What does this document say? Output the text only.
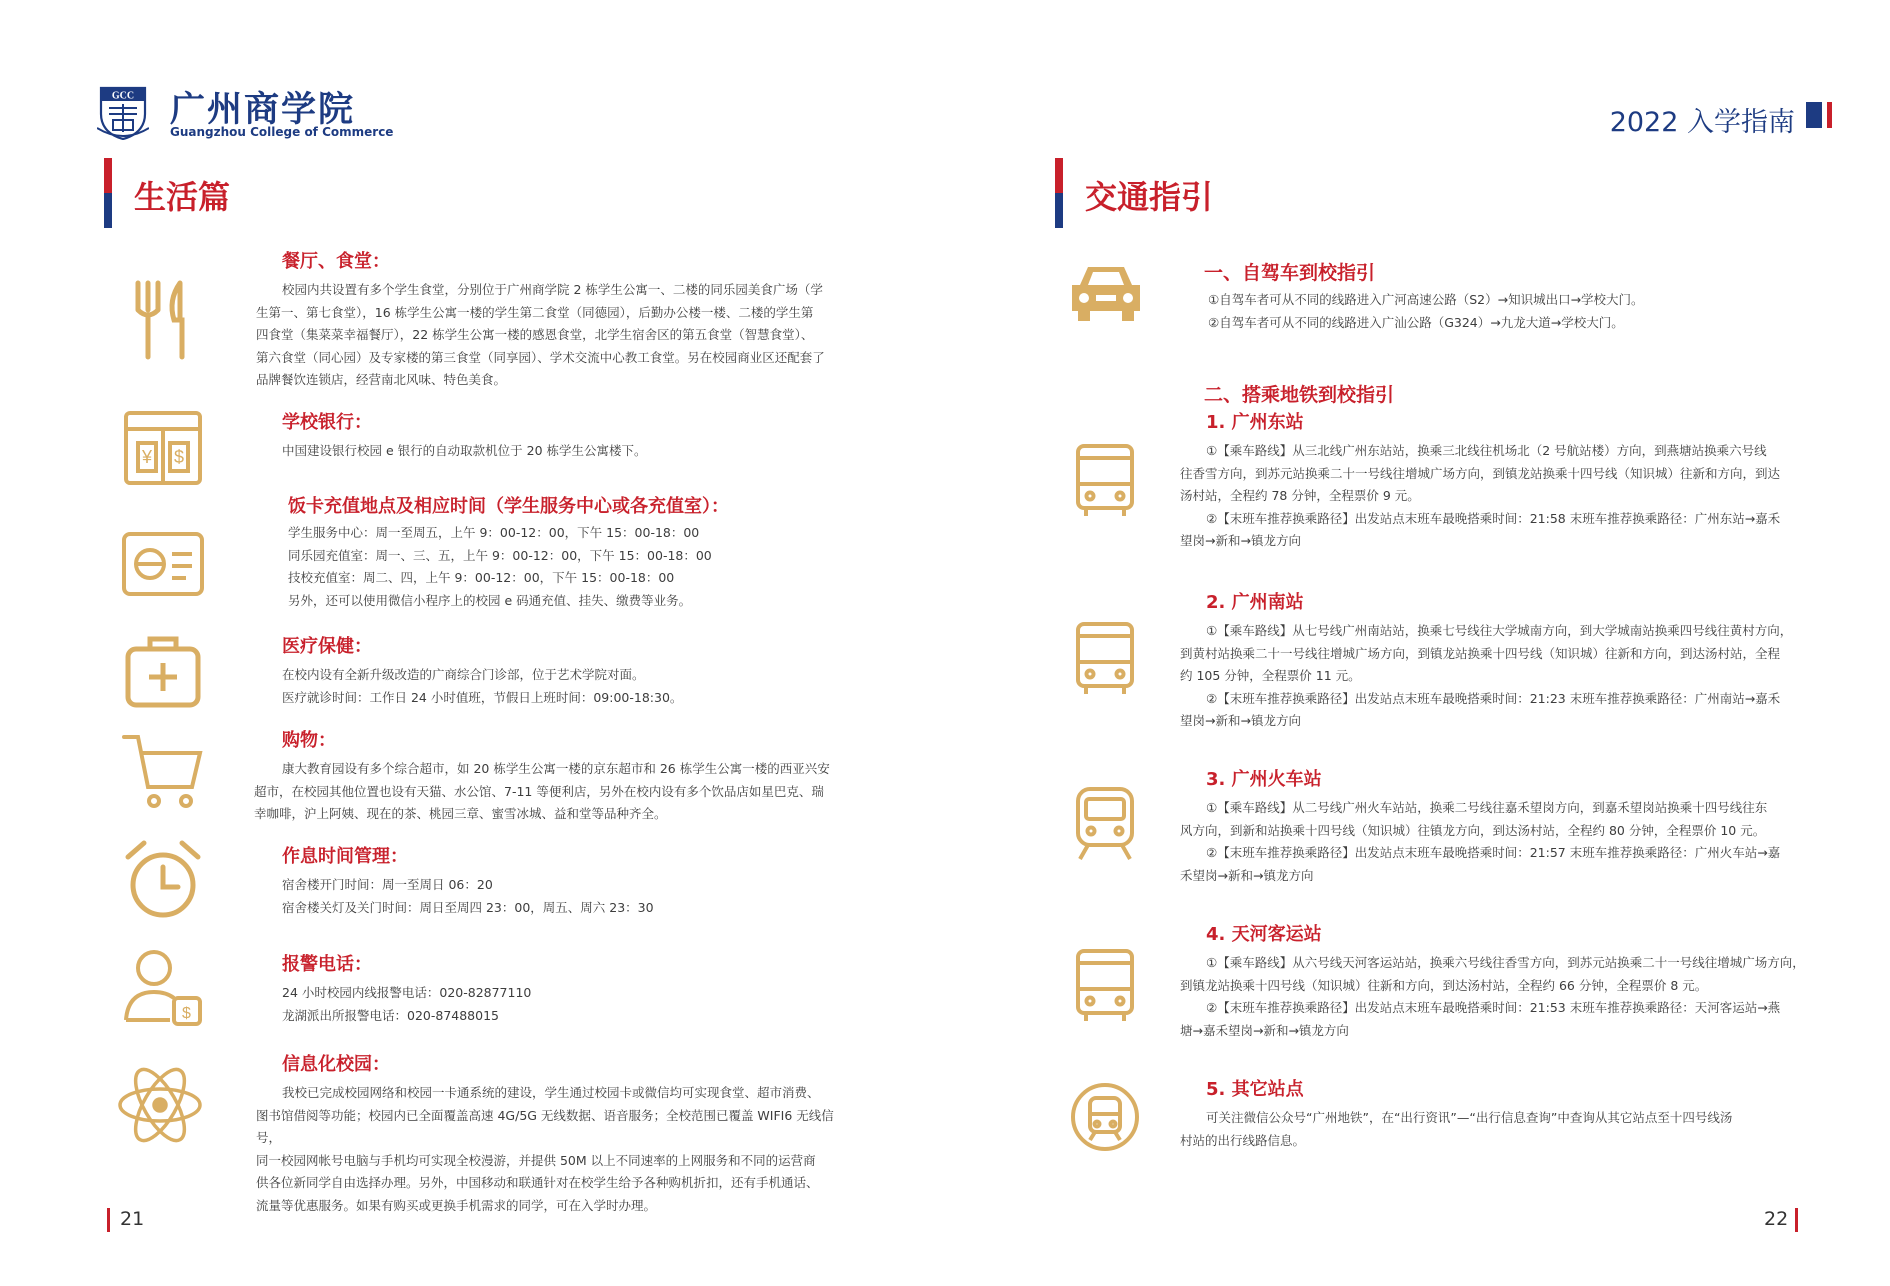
GCC 广州商学院
Guangzhou College of Commerce	2022 入学指南
生活篇
¥ $
$
餐厅、食堂：

校园内共设置有多个学生食堂，分别位于广州商学院 2 栋学生公寓一、二楼的同乐园美食广场（学

生第一、第七食堂），16 栋学生公寓一楼的学生第二食堂（同德园），后勤办公楼一楼、二楼的学生第

四食堂（集菜菜幸福餐厅），22 栋学生公寓一楼的感恩食堂，北学生宿舍区的第五食堂（智慧食堂）、

第六食堂（同心园）及专家楼的第三食堂（同享园）、学术交流中心教工食堂。另在校园商业区还配套了

品牌餐饮连锁店，经营南北风味、特色美食。

学校银行：

中国建设银行校园 e 银行的自动取款机位于 20 栋学生公寓楼下。

饭卡充值地点及相应时间（学生服务中心或各充值室）：

学生服务中心：周一至周五，上午 9：00-12：00，下午 15：00-18：00

同乐园充值室：周一、三、五，上午 9：00-12：00，下午 15：00-18：00

技校充值室：周二、四，上午 9：00-12：00，下午 15：00-18：00

另外，还可以使用微信小程序上的校园 e 码通充值、挂失、缴费等业务。

医疗保健：

在校内设有全新升级改造的广商综合门诊部，位于艺术学院对面。

医疗就诊时间：工作日 24 小时值班，节假日上班时间：09:00-18:30。

购物：

康大教育园设有多个综合超市，如 20 栋学生公寓一楼的京东超市和 26 栋学生公寓一楼的西亚兴安

超市，在校园其他位置也设有天猫、水公馆、7-11 等便利店，另外在校内设有多个饮品店如星巴克、瑞

幸咖啡，沪上阿姨、现在的茶、桃园三章、蜜雪冰城、益和堂等品种齐全。

作息时间管理：

宿舍楼开门时间：周一至周日 06：20

宿舍楼关灯及关门时间：周日至周四 23：00，周五、周六 23：30

报警电话：

24 小时校园内线报警电话：020-82877110

龙湖派出所报警电话：020-87488015

信息化校园：

我校已完成校园网络和校园一卡通系统的建设，学生通过校园卡或微信均可实现食堂、超市消费、

图书馆借阅等功能；校园内已全面覆盖高速 4G/5G 无线数据、语音服务；全校范围已覆盖 WIFI6 无线信号，

同一校园网帐号电脑与手机均可实现全校漫游，并提供 50M 以上不同速率的上网服务和不同的运营商

供各位新同学自由选择办理。另外，中国移动和联通针对在校学生给予各种购机折扣，还有手机通话、

流量等优惠服务。如果有购买或更换手机需求的同学，可在入学时办理。

21
交通指引
一、自驾车到校指引

①自驾车者可从不同的线路进入广河高速公路（S2）→知识城出口→学校大门。

②自驾车者可从不同的线路进入广汕公路（G324）→九龙大道→学校大门。

二、搭乘地铁到校指引
1. 广州东站

①【乘车路线】从三北线广州东站站，换乘三北线往机场北（2 号航站楼）方向，到燕塘站换乘六号线

往香雪方向，到苏元站换乘二十一号线往增城广场方向，到镇龙站换乘十四号线（知识城）往新和方向，到达

汤村站，全程约 78 分钟，全程票价 9 元。

②【末班车推荐换乘路径】出发站点末班车最晚搭乘时间：21:58 末班车推荐换乘路径：广州东站→嘉禾

望岗→新和→镇龙方向

2. 广州南站

①【乘车路线】从七号线广州南站站，换乘七号线往大学城南方向，到大学城南站换乘四号线往黄村方向，

到黄村站换乘二十一号线往增城广场方向，到镇龙站换乘十四号线（知识城）往新和方向，到达汤村站，全程

约 105 分钟，全程票价 11 元。

②【末班车推荐换乘路径】出发站点末班车最晚搭乘时间：21:23 末班车推荐换乘路径：广州南站→嘉禾

望岗→新和→镇龙方向

3. 广州火车站

①【乘车路线】从二号线广州火车站站，换乘二号线往嘉禾望岗方向，到嘉禾望岗站换乘十四号线往东

风方向，到新和站换乘十四号线（知识城）往镇龙方向，到达汤村站，全程约 80 分钟，全程票价 10 元。

②【末班车推荐换乘路径】出发站点末班车最晚搭乘时间：21:57 末班车推荐换乘路径：广州火车站→嘉

禾望岗→新和→镇龙方向

4. 天河客运站

①【乘车路线】从六号线天河客运站站，换乘六号线往香雪方向，到苏元站换乘二十一号线往增城广场方向，

到镇龙站换乘十四号线（知识城）往新和方向，到达汤村站，全程约 66 分钟，全程票价 8 元。

②【末班车推荐换乘路径】出发站点末班车最晚搭乘时间：21:53 末班车推荐换乘路径：天河客运站→燕

塘→嘉禾望岗→新和→镇龙方向

5. 其它站点

可关注微信公众号“广州地铁”，在“出行资讯”—“出行信息查询”中查询从其它站点至十四号线汤

村站的出行线路信息。

22
